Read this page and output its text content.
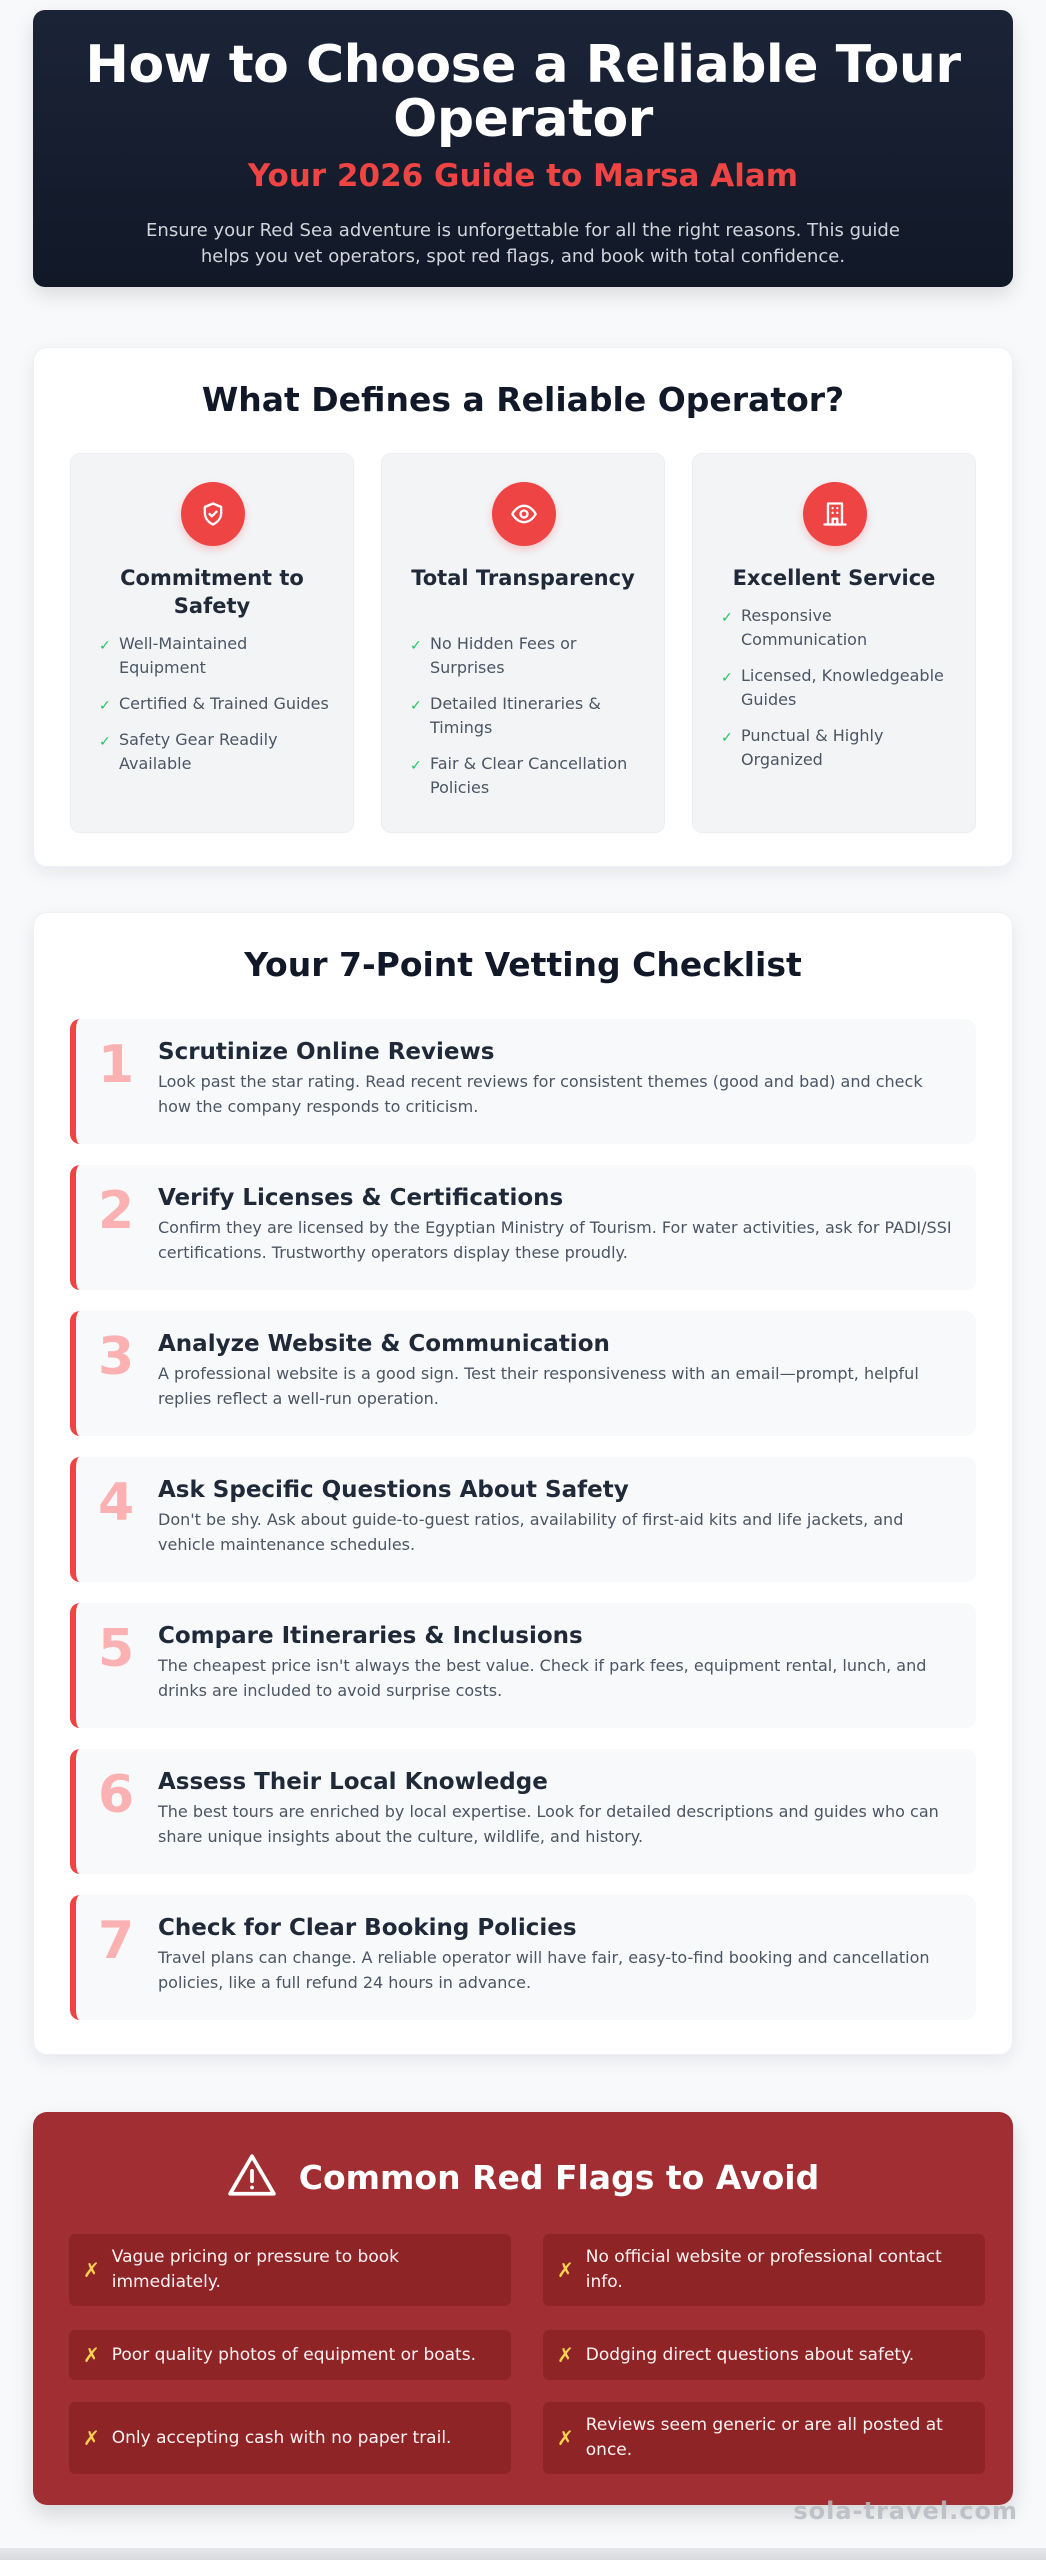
How to Choose a Reliable Tour Operator
Your 2026 Guide to Marsa Alam

Ensure your Red Sea adventure is unforgettable for all the right reasons. This guide helps you vet operators, spot red flags, and book with total confidence.

What Defines a Reliable Operator?
Commitment to Safety
✓ Well-Maintained Equipment
✓ Certified & Trained Guides
✓ Safety Gear Readily Available
Total Transparency
✓ No Hidden Fees or Surprises
✓ Detailed Itineraries & Timings
✓ Fair & Clear Cancellation Policies
Excellent Service
✓ Responsive Communication
✓ Licensed, Knowledgeable Guides
✓ Punctual & Highly Organized
Your 7-Point Vetting Checklist
1 Scrutinize Online Reviews

Look past the star rating. Read recent reviews for consistent themes (good and bad) and check how the company responds to criticism.

2 Verify Licenses & Certifications

Confirm they are licensed by the Egyptian Ministry of Tourism. For water activities, ask for PADI/SSI certifications. Trustworthy operators display these proudly.

3 Analyze Website & Communication

A professional website is a good sign. Test their responsiveness with an email—prompt, helpful replies reflect a well-run operation.

4 Ask Specific Questions About Safety

Don't be shy. Ask about guide-to-guest ratios, availability of first-aid kits and life jackets, and vehicle maintenance schedules.

5 Compare Itineraries & Inclusions

The cheapest price isn't always the best value. Check if park fees, equipment rental, lunch, and drinks are included to avoid surprise costs.

6 Assess Their Local Knowledge

The best tours are enriched by local expertise. Look for detailed descriptions and guides who can share unique insights about the culture, wildlife, and history.

7 Check for Clear Booking Policies

Travel plans can change. A reliable operator will have fair, easy-to-find booking and cancellation policies, like a full refund 24 hours in advance.

Common Red Flags to Avoid
✗
Vague pricing or pressure to book immediately.	✗
No official website or professional contact info.
✗ Poor quality photos of equipment or boats.	✗ Dodging direct questions about safety.
✗ Only accepting cash with no paper trail.	✗
Reviews seem generic or are all posted at once.
sola-travel.com
